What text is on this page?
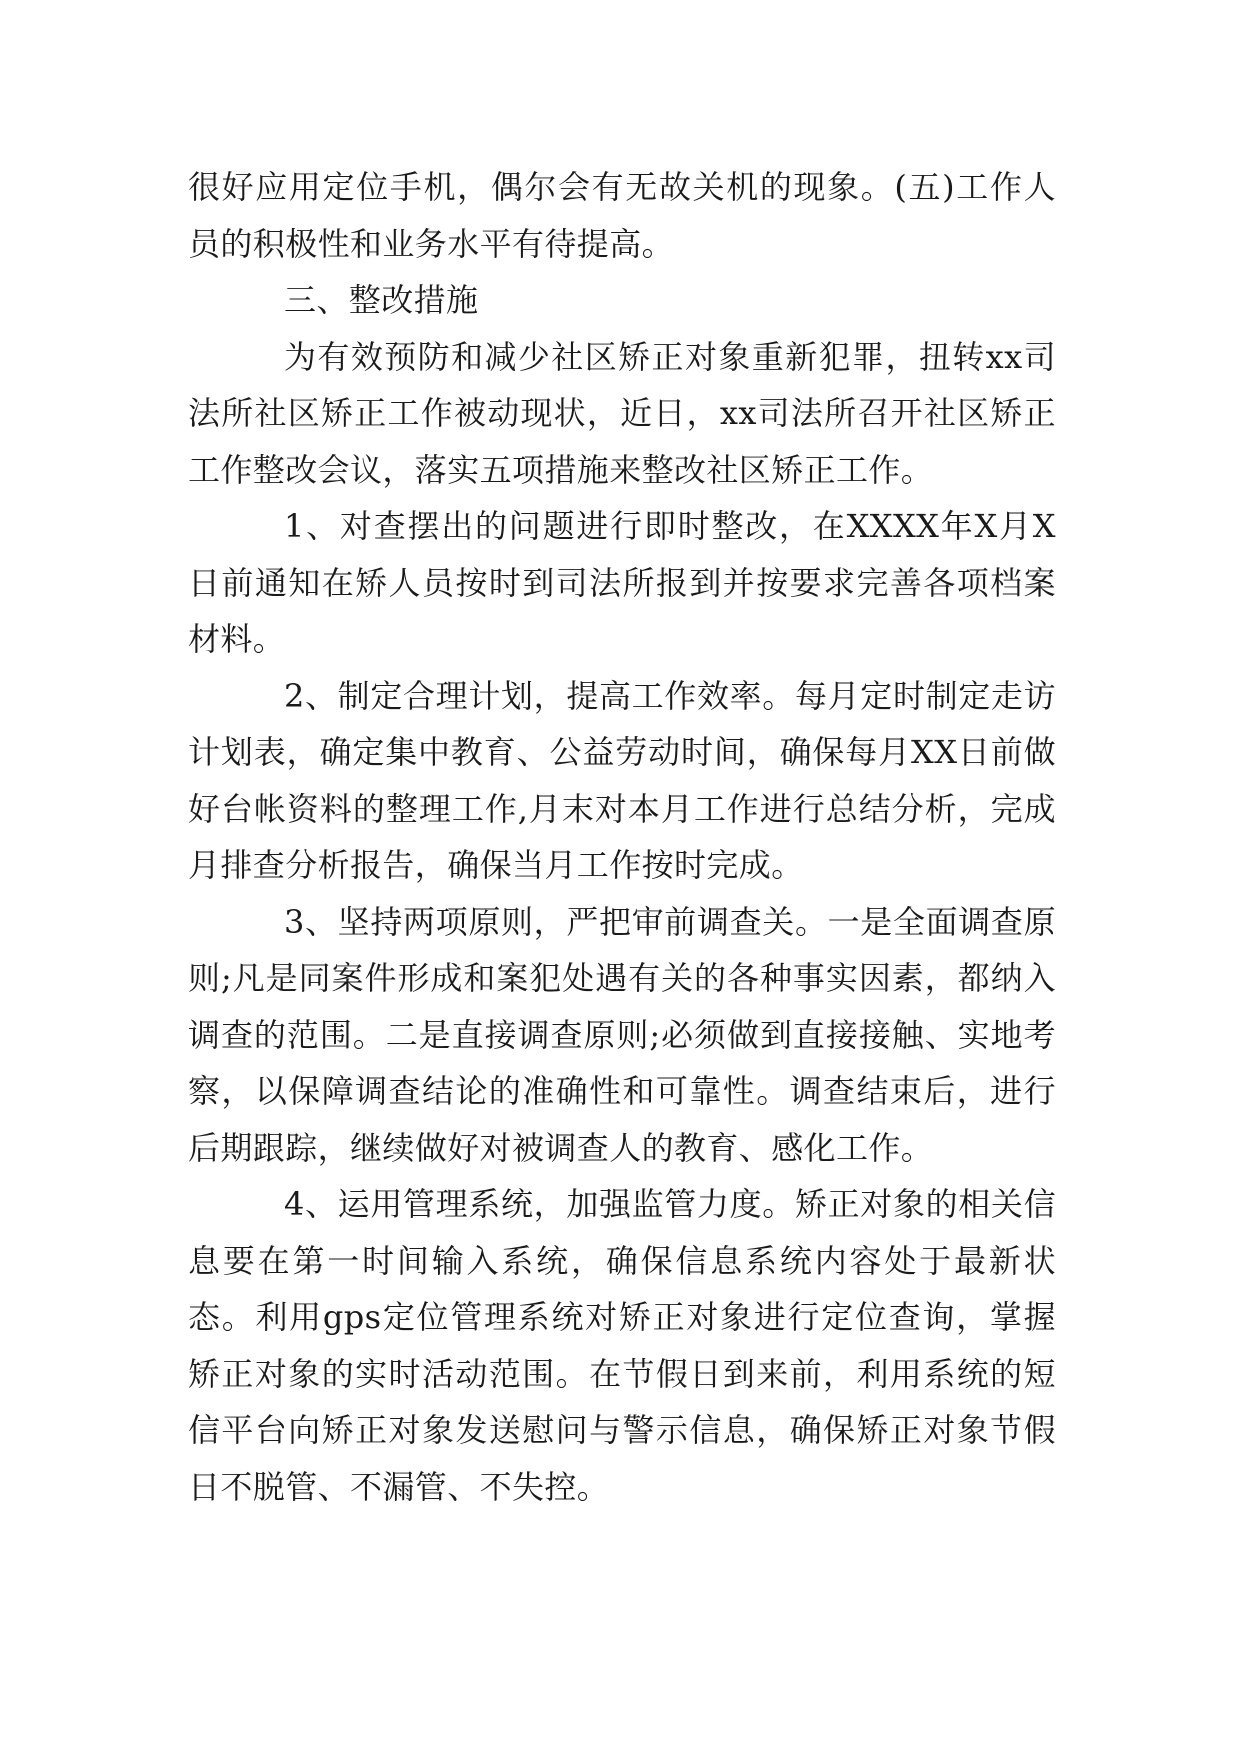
很好应用定位手机，偶尔会有无故关机的现象。(五)工作人员的积极性和业务水平有待提高。

三、整改措施

为有效预防和减少社区矫正对象重新犯罪，扭转xx司法所社区矫正工作被动现状，近日，xx司法所召开社区矫正工作整改会议，落实五项措施来整改社区矫正工作。

1、对查摆出的问题进行即时整改，在XXXX年X月X日前通知在矫人员按时到司法所报到并按要求完善各项档案材料。

2、制定合理计划，提高工作效率。每月定时制定走访计划表，确定集中教育、公益劳动时间，确保每月XX日前做好台帐资料的整理工作,月末对本月工作进行总结分析，完成月排查分析报告，确保当月工作按时完成。

3、坚持两项原则，严把审前调查关。一是全面调查原则;凡是同案件形成和案犯处遇有关的各种事实因素，都纳入调查的范围。二是直接调查原则;必须做到直接接触、实地考察，以保障调查结论的准确性和可靠性。调查结束后，进行后期跟踪，继续做好对被调查人的教育、感化工作。

4、运用管理系统，加强监管力度。矫正对象的相关信息要在第一时间输入系统，确保信息系统内容处于最新状态。利用gps定位管理系统对矫正对象进行定位查询，掌握矫正对象的实时活动范围。在节假日到来前，利用系统的短信平台向矫正对象发送慰问与警示信息，确保矫正对象节假日不脱管、不漏管、不失控。
